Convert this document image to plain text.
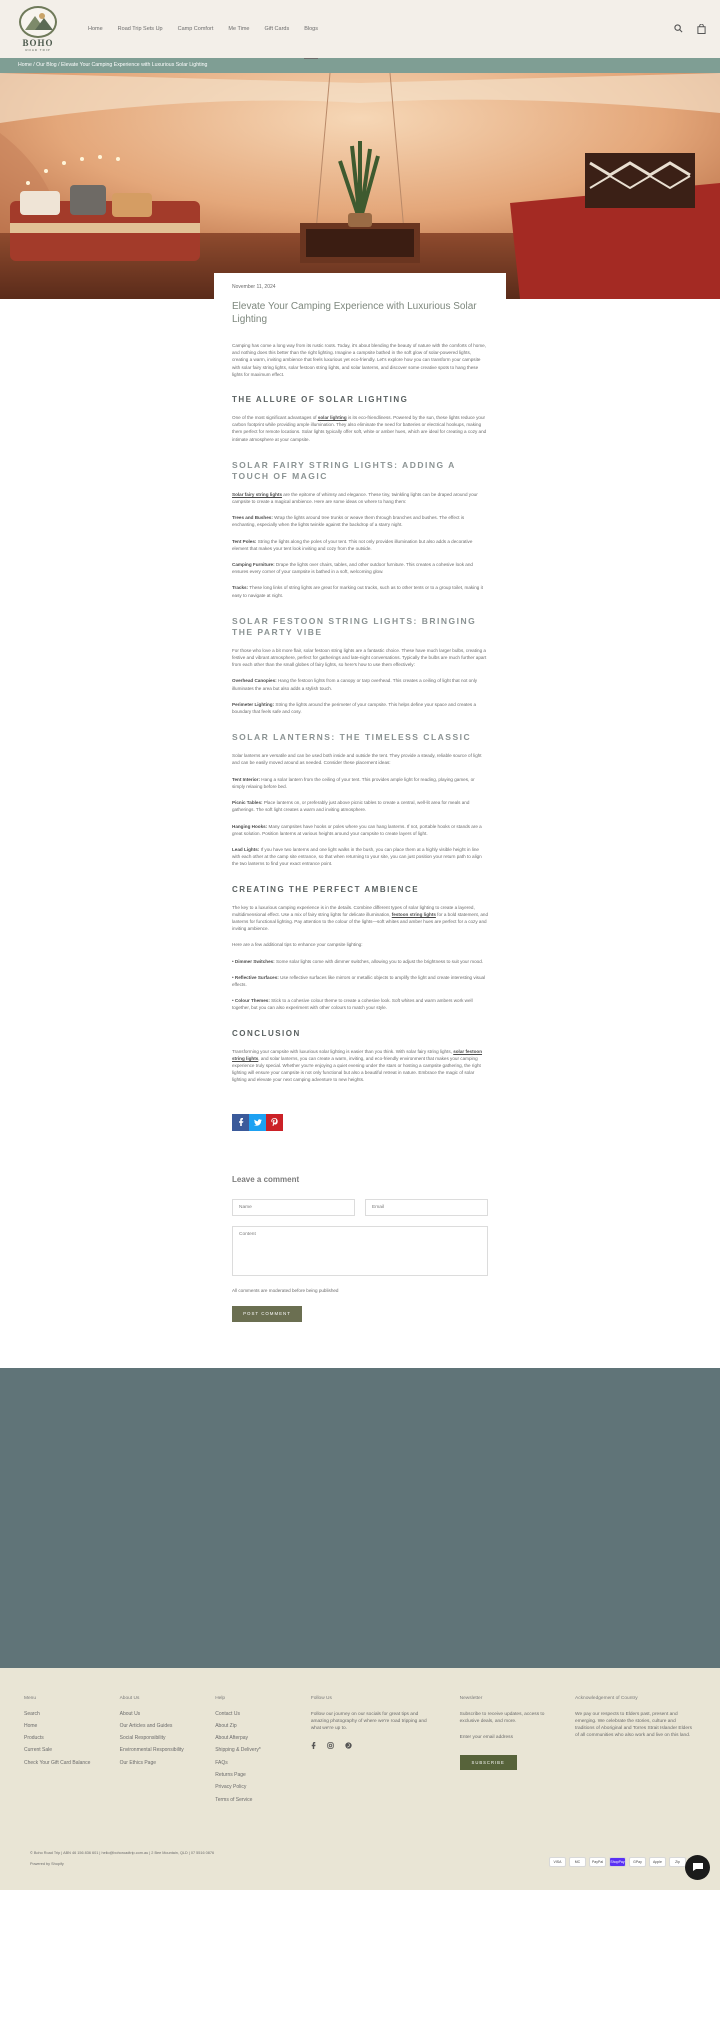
BOHO
ROAD TRIP
Home	Road Trip Sets Up	Camp Comfort	Me Time	Gift Cards	Blogs
Home / Our Blog / Elevate Your Camping Experience with Luxurious Solar Lighting
November 11, 2024
Elevate Your Camping Experience with Luxurious Solar Lighting

Camping has come a long way from its rustic roots. Today, it's about blending the beauty of nature with the comforts of home, and nothing does this better than the right lighting. Imagine a campsite bathed in the soft glow of solar-powered lights, creating a warm, inviting ambience that feels luxurious yet eco-friendly. Let's explore how you can transform your campsite with solar fairy string lights, solar festoon string lights, and solar lanterns, and discover some creative spots to hang these lights for maximum effect.

THE ALLURE OF SOLAR LIGHTING

One of the most significant advantages of solar lighting is its eco-friendliness. Powered by the sun, these lights reduce your carbon footprint while providing ample illumination. They also eliminate the need for batteries or electrical hookups, making them perfect for remote locations. Solar lights typically offer soft, white or amber hues, which are ideal for creating a cozy and intimate atmosphere at your campsite.

SOLAR FAIRY STRING LIGHTS: ADDING A TOUCH OF MAGIC

Solar fairy string lights are the epitome of whimsy and elegance. These tiny, twinkling lights can be draped around your campsite to create a magical ambience. Here are some ideas on where to hang them:

Trees and Bushes: Wrap the lights around tree trunks or weave them through branches and bushes. The effect is enchanting, especially when the lights twinkle against the backdrop of a starry night.

Tent Poles: String the lights along the poles of your tent. This not only provides illumination but also adds a decorative element that makes your tent look inviting and cozy from the outside.

Camping Furniture: Drape the lights over chairs, tables, and other outdoor furniture. This creates a cohesive look and ensures every corner of your campsite is bathed in a soft, welcoming glow.

Tracks: These long links of string lights are great for marking out tracks, such as to other tents or to a group toilet, making it easy to navigate at night.

SOLAR FESTOON STRING LIGHTS: BRINGING THE PARTY VIBE

For those who love a bit more flair, solar festoon string lights are a fantastic choice. These have much larger bulbs, creating a festive and vibrant atmosphere, perfect for gatherings and late-night conversations. Typically the bulbs are much further apart from each other than the small globes of fairy lights, so here's how to use them effectively:

Overhead Canopies: Hang the festoon lights from a canopy or tarp overhead. This creates a ceiling of light that not only illuminates the area but also adds a stylish touch.

Perimeter Lighting: String the lights around the perimeter of your campsite. This helps define your space and creates a boundary that feels safe and cosy.

SOLAR LANTERNS: THE TIMELESS CLASSIC

Solar lanterns are versatile and can be used both inside and outside the tent. They provide a steady, reliable source of light and can be easily moved around as needed. Consider these placement ideas:

Tent Interior: Hang a solar lantern from the ceiling of your tent. This provides ample light for reading, playing games, or simply relaxing before bed.

Picnic Tables: Place lanterns on, or preferably just above picnic tables to create a central, well-lit area for meals and gatherings. The soft light creates a warm and inviting atmosphere.

Hanging Hooks: Many campsites have hooks or poles where you can hang lanterns. If not, portable hooks or stands are a great solution. Position lanterns at various heights around your campsite to create layers of light.

Lead Lights: If you have two lanterns and one light walks in the bush, you can place them at a highly visible height in line with each other at the camp site entrance, so that when returning to your site, you can just position your return path to align the two lanterns to find your exact entrance point.

CREATING THE PERFECT AMBIENCE

The key to a luxurious camping experience is in the details. Combine different types of solar lighting to create a layered, multidimensional effect. Use a mix of fairy string lights for delicate illumination, festoon string lights for a bold statement, and lanterns for functional lighting. Pay attention to the colour of the lights—soft whites and amber hues are perfect for a cozy and inviting ambience.

Here are a few additional tips to enhance your campsite lighting:

• Dimmer Switches: Some solar lights come with dimmer switches, allowing you to adjust the brightness to suit your mood.

• Reflective Surfaces: Use reflective surfaces like mirrors or metallic objects to amplify the light and create interesting visual effects.

• Colour Themes: Stick to a cohesive colour theme to create a cohesive look. Soft whites and warm ambers work well together, but you can also experiment with other colours to match your style.

CONCLUSION

Transforming your campsite with luxurious solar lighting is easier than you think. With solar fairy string lights, solar festoon string lights, and solar lanterns, you can create a warm, inviting, and eco-friendly environment that makes your camping experience truly special. Whether you're enjoying a quiet evening under the stars or hosting a campsite gathering, the right lighting will ensure your campsite is not only functional but also a beautiful retreat in nature. Embrace the magic of solar lighting and elevate your next camping adventure to new heights.

Leave a comment
Name	Email
Content

All comments are moderated before being published

POST COMMENT
Menu
Search
Home
Products
Current Sale
Check Your Gift Card Balance
About Us
About Us
Our Articles and Guides
Social Responsibility
Environmental Responsibility
Our Ethics Page
Help
Contact Us
About Zip
About Afterpay
Shipping & Delivery*
FAQs
Returns Page
Privacy Policy
Terms of Service
Follow Us

Follow our journey on our socials for great tips and amazing photography of where we're road tripping and what we're up to.

Newsletter

Subscribe to receive updates, access to exclusive deals, and more.

Enter your email address
SUBSCRIBE
Acknowledgement of Country

We pay our respects to Elders past, present and emerging. We celebrate the stories, culture and traditions of Aboriginal and Torres Strait Islander Elders of all communities who also work and live on this land.

© Boho Road Trip | ABN 46 156 836 601 | hello@bohoroadtrip.com.au | 2 Bee Mountain, QLD | 07 5516 0876
Powered by Shopify	VISA	MC	PayPal	ShopPay	GPay	Apple	Zip
